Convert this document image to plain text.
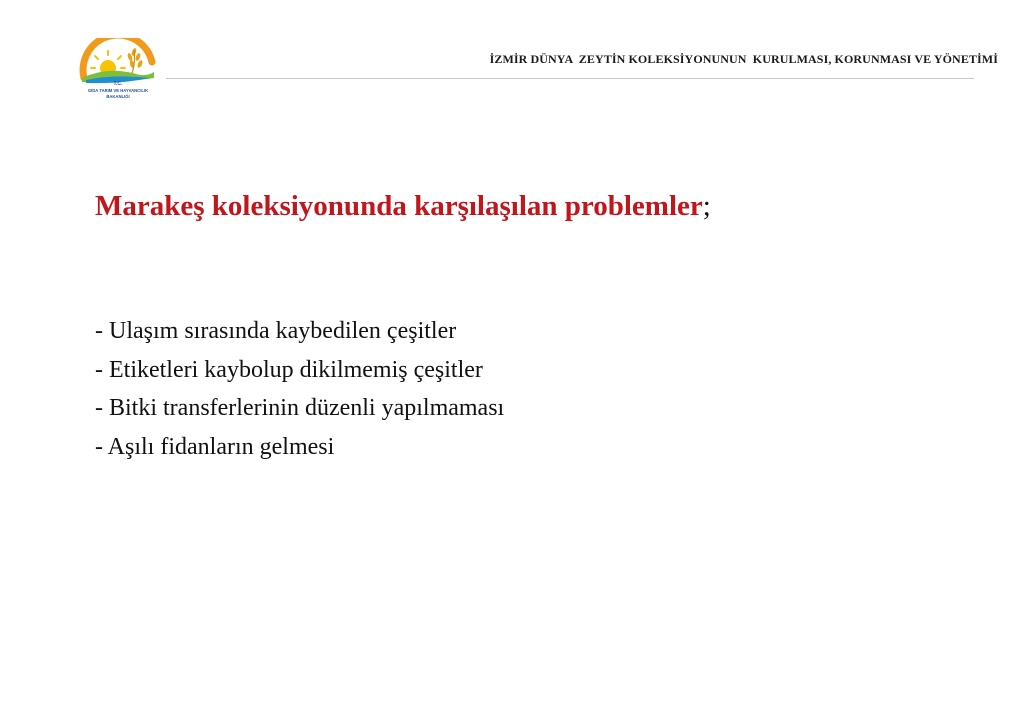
T.C.
GIDA TARIM VE HAYVANCILIK
BAKANLIĞI
İZMİR DÜNYA  ZEYTİN KOLEKSİYONUNUN  KURULMASI, KORUNMASI VE YÖNETİMİ
Marakeş koleksiyonunda karşılaşılan problemler;
- Ulaşım sırasında kaybedilen çeşitler
- Etiketleri kaybolup dikilmemiş çeşitler
- Bitki transferlerinin düzenli yapılmaması
- Aşılı fidanların gelmesi
